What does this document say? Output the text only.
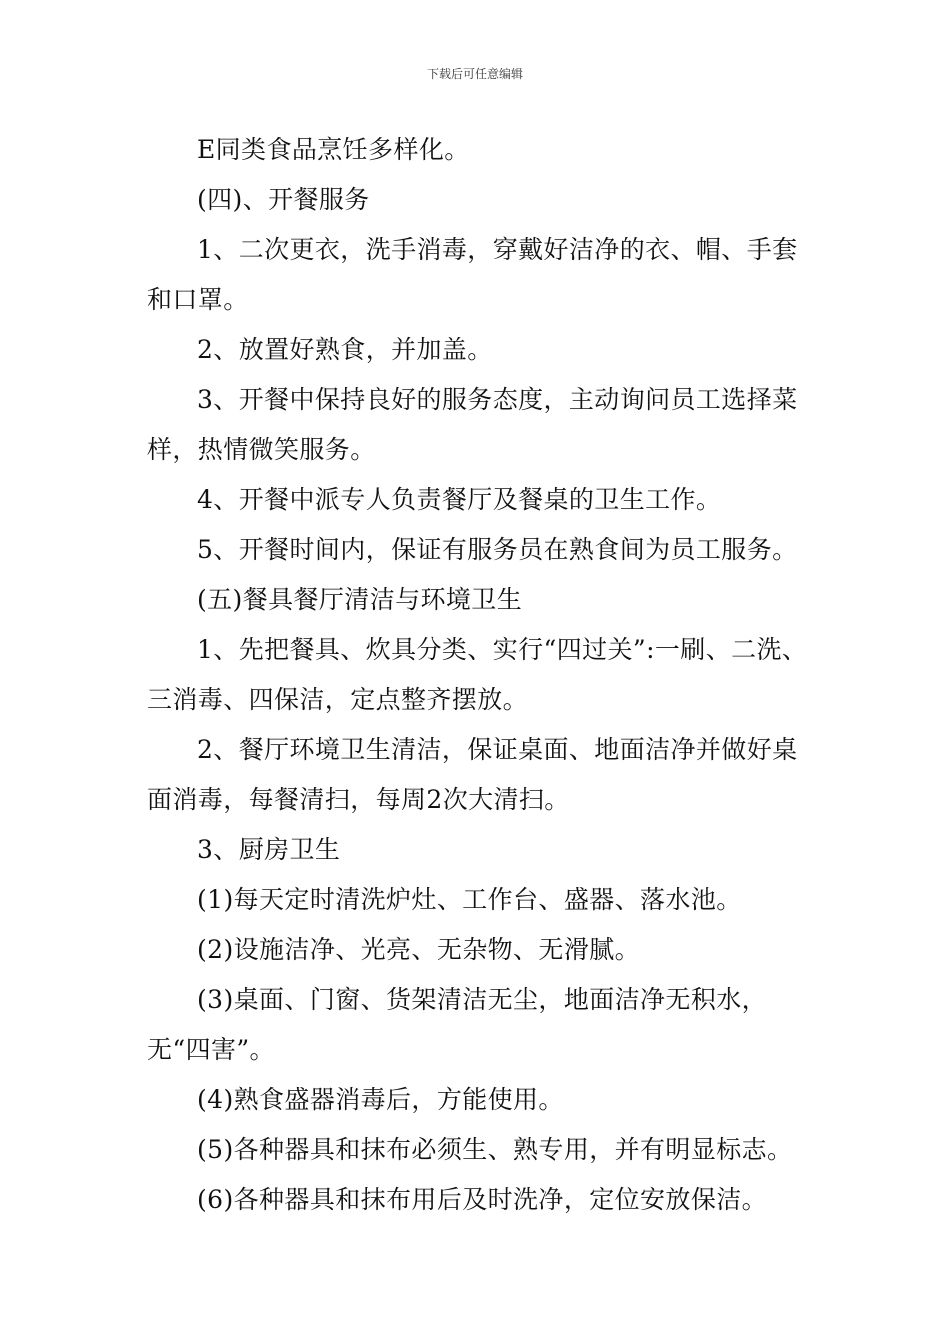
下载后可任意编辑

E同类食品烹饪多样化。

(四)、开餐服务

1、二次更衣，洗手消毒，穿戴好洁净的衣、帽、手套和口罩。

2、放置好熟食，并加盖。

3、开餐中保持良好的服务态度，主动询问员工选择菜样，热情微笑服务。

4、开餐中派专人负责餐厅及餐桌的卫生工作。

5、开餐时间内，保证有服务员在熟食间为员工服务。

(五)餐具餐厅清洁与环境卫生

1、先把餐具、炊具分类、实行“四过关”:一刷、二洗、三消毒、四保洁，定点整齐摆放。

2、餐厅环境卫生清洁，保证桌面、地面洁净并做好桌面消毒，每餐清扫，每周2次大清扫。

3、厨房卫生

(1)每天定时清洗炉灶、工作台、盛器、落水池。

(2)设施洁净、光亮、无杂物、无滑腻。

(3)桌面、门窗、货架清洁无尘，地面洁净无积水，无“四害”。

(4)熟食盛器消毒后，方能使用。

(5)各种器具和抹布必须生、熟专用，并有明显标志。

(6)各种器具和抹布用后及时洗净，定位安放保洁。
